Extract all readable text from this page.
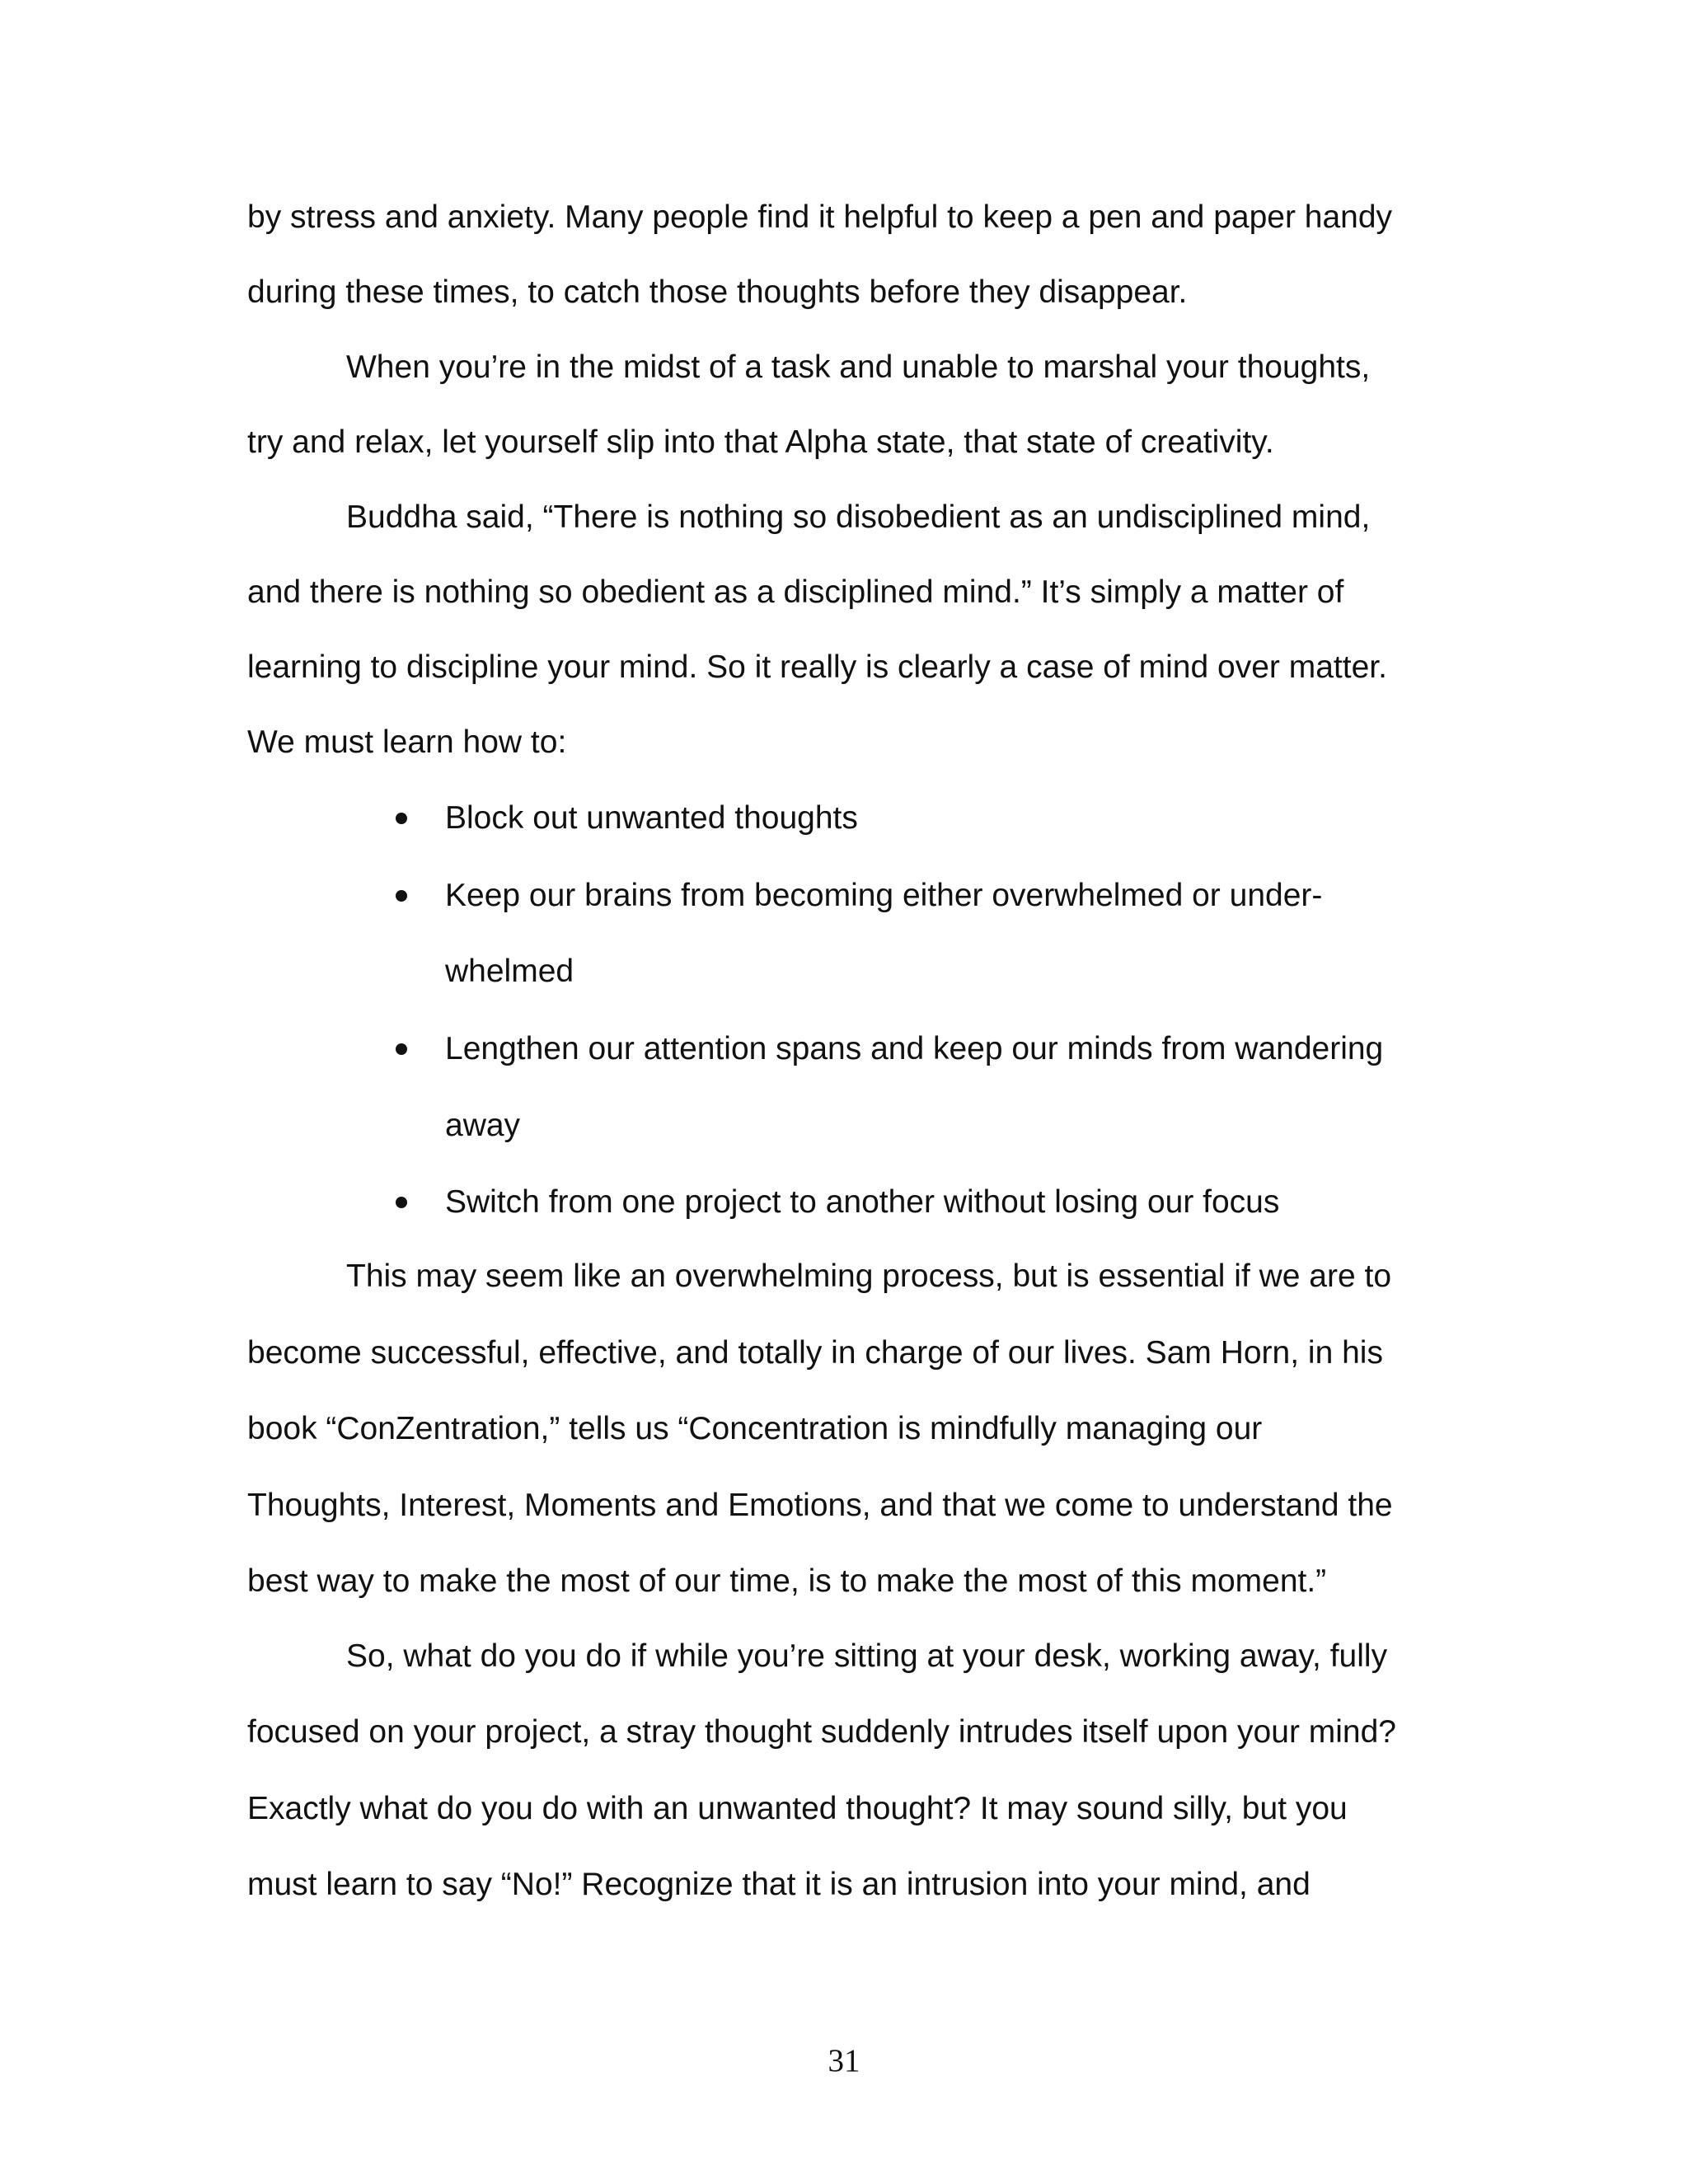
by stress and anxiety. Many people find it helpful to keep a pen and paper handy
during these times, to catch those thoughts before they disappear.
When you’re in the midst of a task and unable to marshal your thoughts,
try and relax, let yourself slip into that Alpha state, that state of creativity.
Buddha said, “There is nothing so disobedient as an undisciplined mind,
and there is nothing so obedient as a disciplined mind.” It’s simply a matter of
learning to discipline your mind. So it really is clearly a case of mind over matter.
We must learn how to:
Block out unwanted thoughts
Keep our brains from becoming either overwhelmed or under-
whelmed
Lengthen our attention spans and keep our minds from wandering
away
Switch from one project to another without losing our focus
This may seem like an overwhelming process, but is essential if we are to
become successful, effective, and totally in charge of our lives. Sam Horn, in his
book “ConZentration,” tells us “Concentration is mindfully managing our
Thoughts, Interest, Moments and Emotions, and that we come to understand the
best way to make the most of our time, is to make the most of this moment.”
So, what do you do if while you’re sitting at your desk, working away, fully
focused on your project, a stray thought suddenly intrudes itself upon your mind?
Exactly what do you do with an unwanted thought? It may sound silly, but you
must learn to say “No!” Recognize that it is an intrusion into your mind, and
31
